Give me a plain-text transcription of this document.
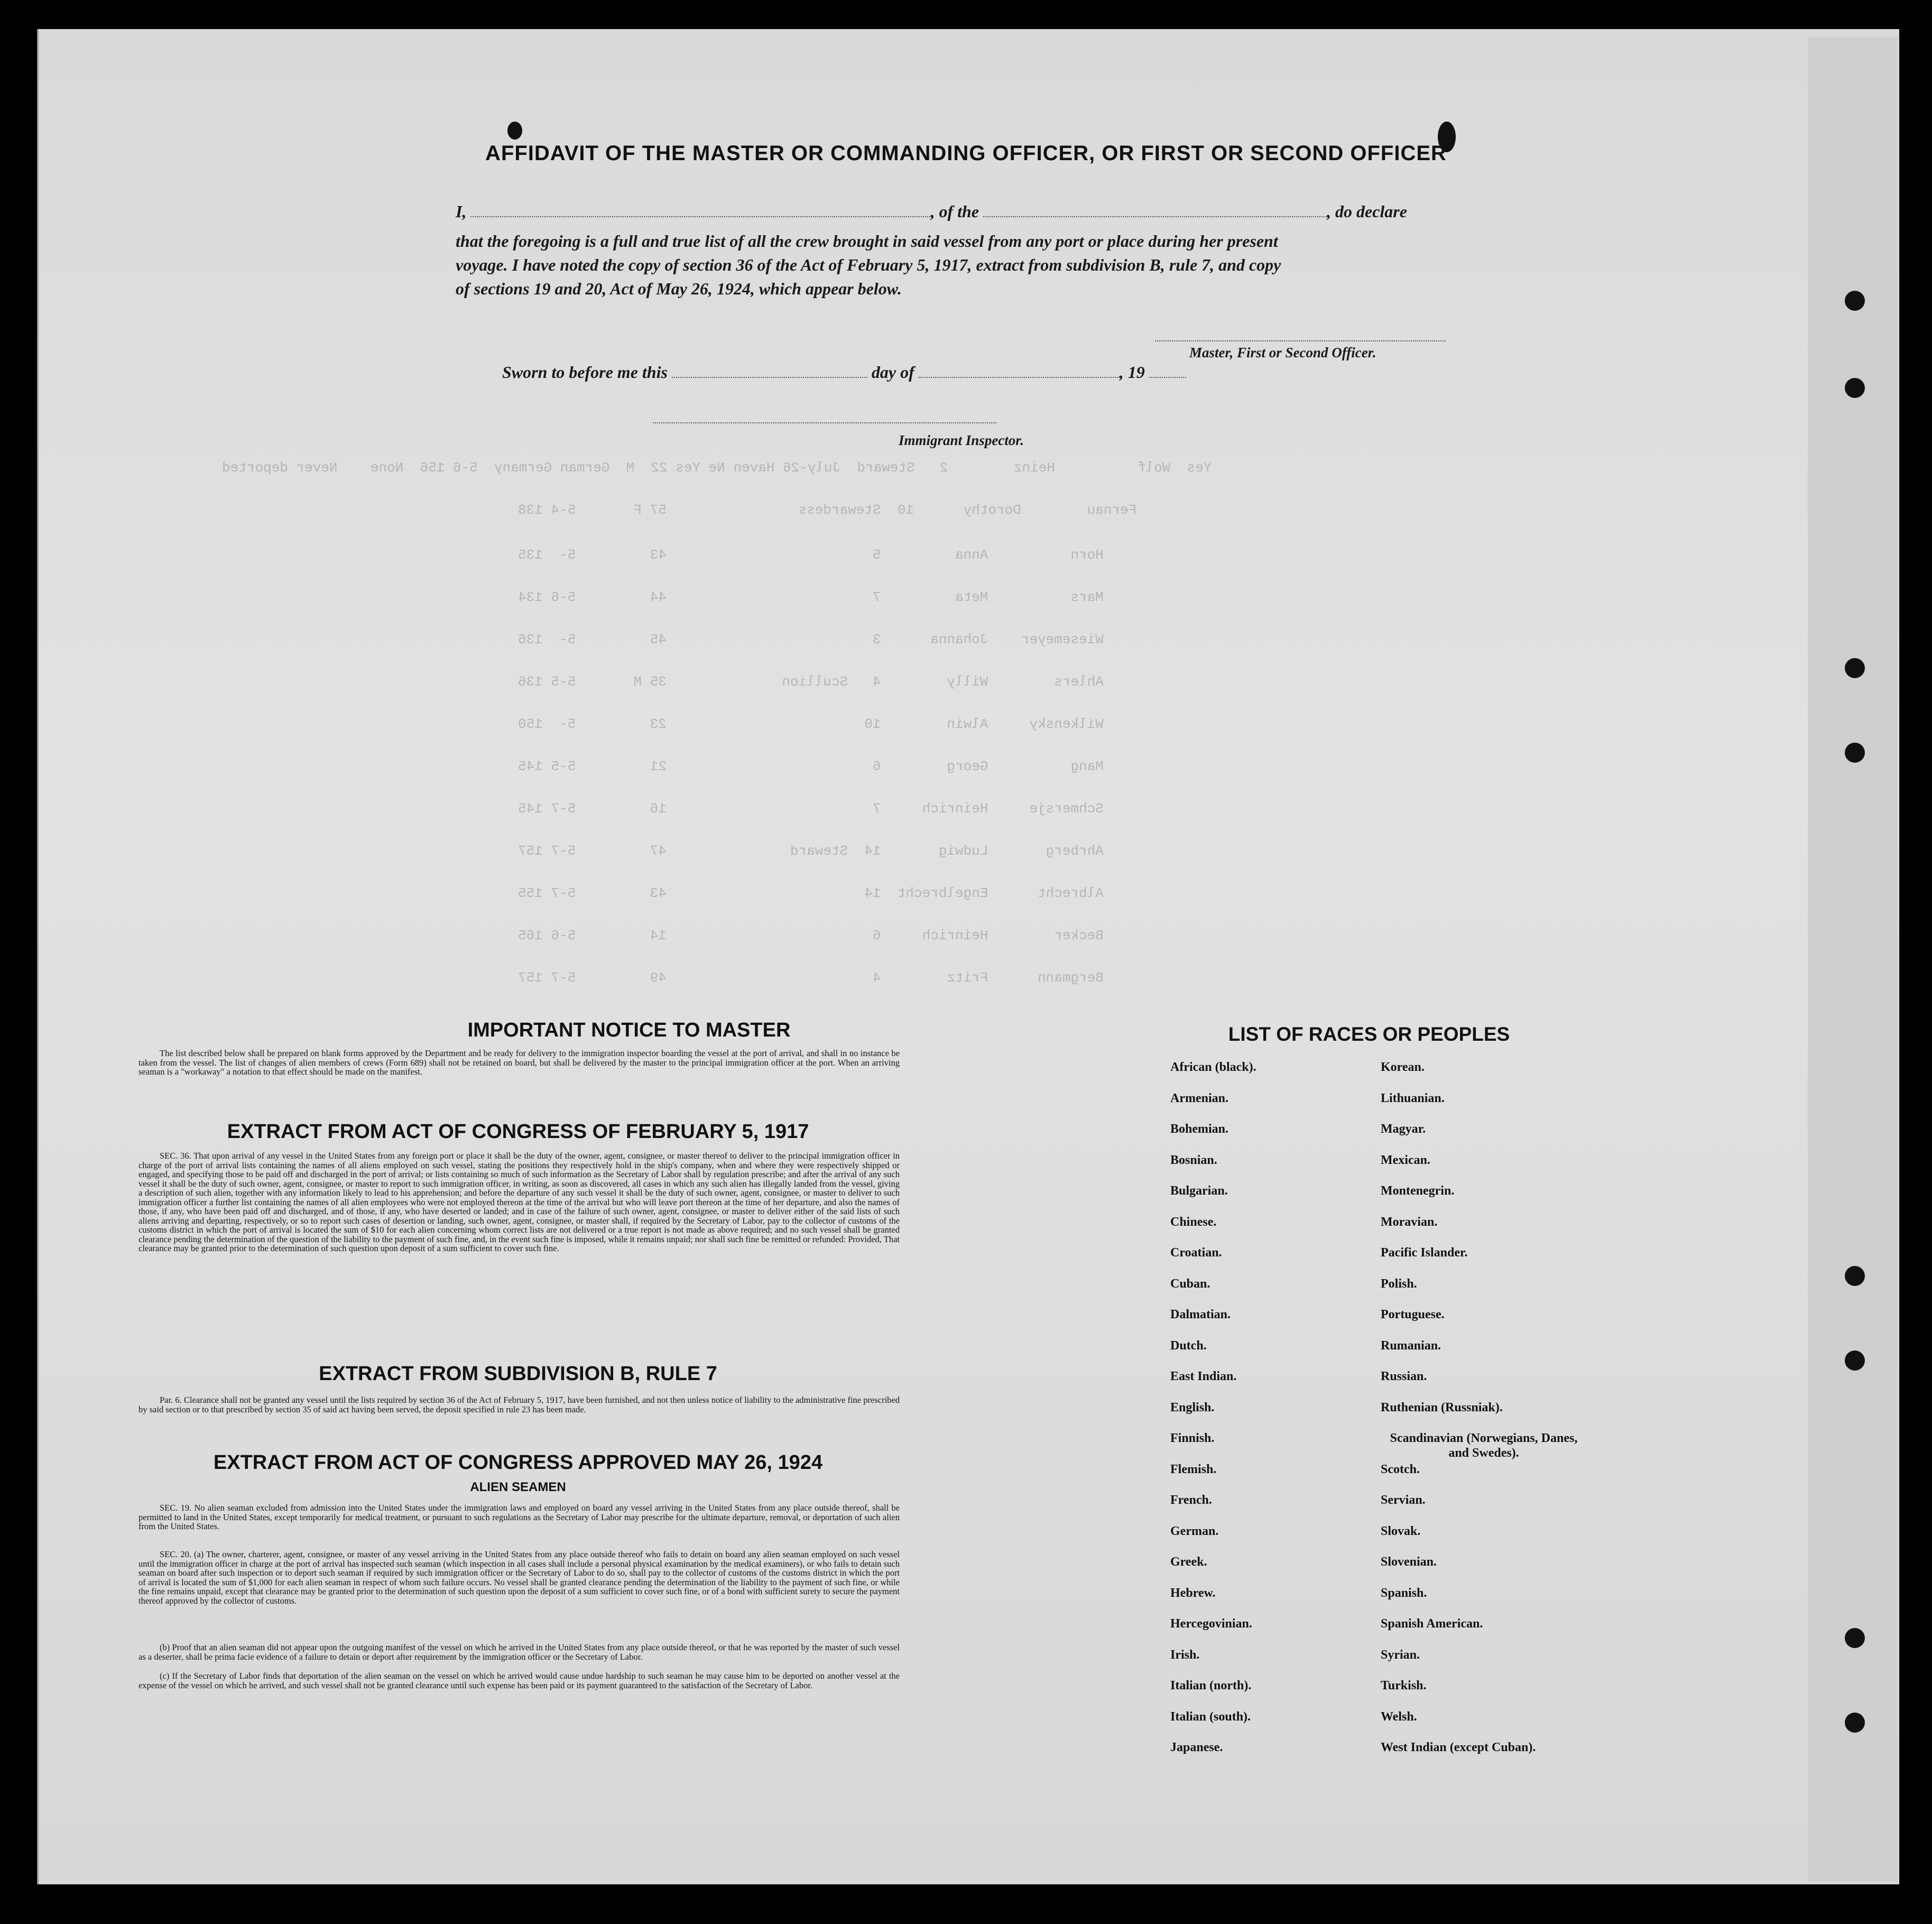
Yes  Wolf          Heinz        2   Steward  July-26 Haven Ne Yes 22  M  German Germany  5-6 156  None    Never deported
Fernau        Dorothy      10  Stewardess                57 F       5-4 138
Horn          Anna         5                         43         5-  135
Mars          Meta         7                         44         5-6 134
Wiesemeyer    Johanna      3                         45         5-  136
Ahlers        Willy        4   Scullion              35 M       5-5 136
Wilkensky     Alwin        10                        23         5-  150
Mang          Georg        6                         21         5-5 145
Schmersje     Heinrich     7                         16         5-7 145
Ahrberg       Ludwig       14  Steward               47         5-7 157
Albrecht      Engelbrecht  14                        43         5-7 155
Becker        Heinrich     6                         14         5-6 165
Bergmann      Fritz        4                         49         5-7 157
AFFIDAVIT OF THE MASTER OR COMMANDING OFFICER, OR FIRST OR SECOND OFFICER
I,	, of the	, do declare
that the foregoing is a full and true list of all the crew brought in said vessel from any port or place during her present
voyage. I have noted the copy of section 36 of the Act of February 5, 1917, extract from subdivision B, rule 7, and copy
of sections 19 and 20, Act of May 26, 1924, which appear below.
Master, First or Second Officer.
Sworn to before me this	day of	, 19
Immigrant Inspector.
IMPORTANT NOTICE TO MASTER
The list described below shall be prepared on blank forms approved by the Department and be ready for delivery to the immigration inspector boarding the vessel at the port of arrival, and shall in no instance be taken from the vessel. The list of changes of alien members of crews (Form 689) shall not be retained on board, but shall be delivered by the master to the principal immigration officer at the port. When an arriving seaman is a "workaway" a notation to that effect should be made on the manifest.
EXTRACT FROM ACT OF CONGRESS OF FEBRUARY 5, 1917
SEC. 36. That upon arrival of any vessel in the United States from any foreign port or place it shall be the duty of the owner, agent, consignee, or master thereof to deliver to the principal immigration officer in charge of the port of arrival lists containing the names of all aliens employed on such vessel, stating the positions they respectively hold in the ship's company, when and where they were respectively shipped or engaged, and specifying those to be paid off and discharged in the port of arrival; or lists containing so much of such information as the Secretary of Labor shall by regulation prescribe; and after the arrival of any such vessel it shall be the duty of such owner, agent, consignee, or master to report to such immigration officer, in writing, as soon as discovered, all cases in which any such alien has illegally landed from the vessel, giving a description of such alien, together with any information likely to lead to his apprehension; and before the departure of any such vessel it shall be the duty of such owner, agent, consignee, or master to deliver to such immigration officer a further list containing the names of all alien employees who were not employed thereon at the time of the arrival but who will leave port thereon at the time of her departure, and also the names of those, if any, who have been paid off and discharged, and of those, if any, who have deserted or landed; and in case of the failure of such owner, agent, consignee, or master to deliver either of the said lists of such aliens arriving and departing, respectively, or so to report such cases of desertion or landing, such owner, agent, consignee, or master shall, if required by the Secretary of Labor, pay to the collector of customs of the customs district in which the port of arrival is located the sum of $10 for each alien concerning whom correct lists are not delivered or a true report is not made as above required; and no such vessel shall be granted clearance pending the determination of the question of the liability to the payment of such fine, and, in the event such fine is imposed, while it remains unpaid; nor shall such fine be remitted or refunded: Provided, That clearance may be granted prior to the determination of such question upon deposit of a sum sufficient to cover such fine.
EXTRACT FROM SUBDIVISION B, RULE 7
Par. 6. Clearance shall not be granted any vessel until the lists required by section 36 of the Act of February 5, 1917, have been furnished, and not then unless notice of liability to the administrative fine prescribed by said section or to that prescribed by section 35 of said act having been served, the deposit specified in rule 23 has been made.
EXTRACT FROM ACT OF CONGRESS APPROVED MAY 26, 1924
ALIEN SEAMEN
SEC. 19. No alien seaman excluded from admission into the United States under the immigration laws and employed on board any vessel arriving in the United States from any place outside thereof, shall be permitted to land in the United States, except temporarily for medical treatment, or pursuant to such regulations as the Secretary of Labor may prescribe for the ultimate departure, removal, or deportation of such alien from the United States.
SEC. 20. (a) The owner, charterer, agent, consignee, or master of any vessel arriving in the United States from any place outside thereof who fails to detain on board any alien seaman employed on such vessel until the immigration officer in charge at the port of arrival has inspected such seaman (which inspection in all cases shall include a personal physical examination by the medical examiners), or who fails to detain such seaman on board after such inspection or to deport such seaman if required by such immigration officer or the Secretary of Labor to do so, shall pay to the collector of customs of the customs district in which the port of arrival is located the sum of $1,000 for each alien seaman in respect of whom such failure occurs. No vessel shall be granted clearance pending the determination of the liability to the payment of such fine, or while the fine remains unpaid, except that clearance may be granted prior to the determination of such question upon the deposit of a sum sufficient to cover such fine, or of a bond with sufficient surety to secure the payment thereof approved by the collector of customs.
(b) Proof that an alien seaman did not appear upon the outgoing manifest of the vessel on which he arrived in the United States from any place outside thereof, or that he was reported by the master of such vessel as a deserter, shall be prima facie evidence of a failure to detain or deport after requirement by the immigration officer or the Secretary of Labor.
(c) If the Secretary of Labor finds that deportation of the alien seaman on the vessel on which he arrived would cause undue hardship to such seaman he may cause him to be deported on another vessel at the expense of the vessel on which he arrived, and such vessel shall not be granted clearance until such expense has been paid or its payment guaranteed to the satisfaction of the Secretary of Labor.
LIST OF RACES OR PEOPLES
African (black).
Armenian.
Bohemian.
Bosnian.
Bulgarian.
Chinese.
Croatian.
Cuban.
Dalmatian.
Dutch.
East Indian.
English.
Finnish.
Flemish.
French.
German.
Greek.
Hebrew.
Hercegovinian.
Irish.
Italian (north).
Italian (south).
Japanese.
Korean.
Lithuanian.
Magyar.
Mexican.
Montenegrin.
Moravian.
Pacific Islander.
Polish.
Portuguese.
Rumanian.
Russian.
Ruthenian (Russniak).
Scandinavian (Norwegians, Danes, and Swedes).
Scotch.
Servian.
Slovak.
Slovenian.
Spanish.
Spanish American.
Syrian.
Turkish.
Welsh.
West Indian (except Cuban).
